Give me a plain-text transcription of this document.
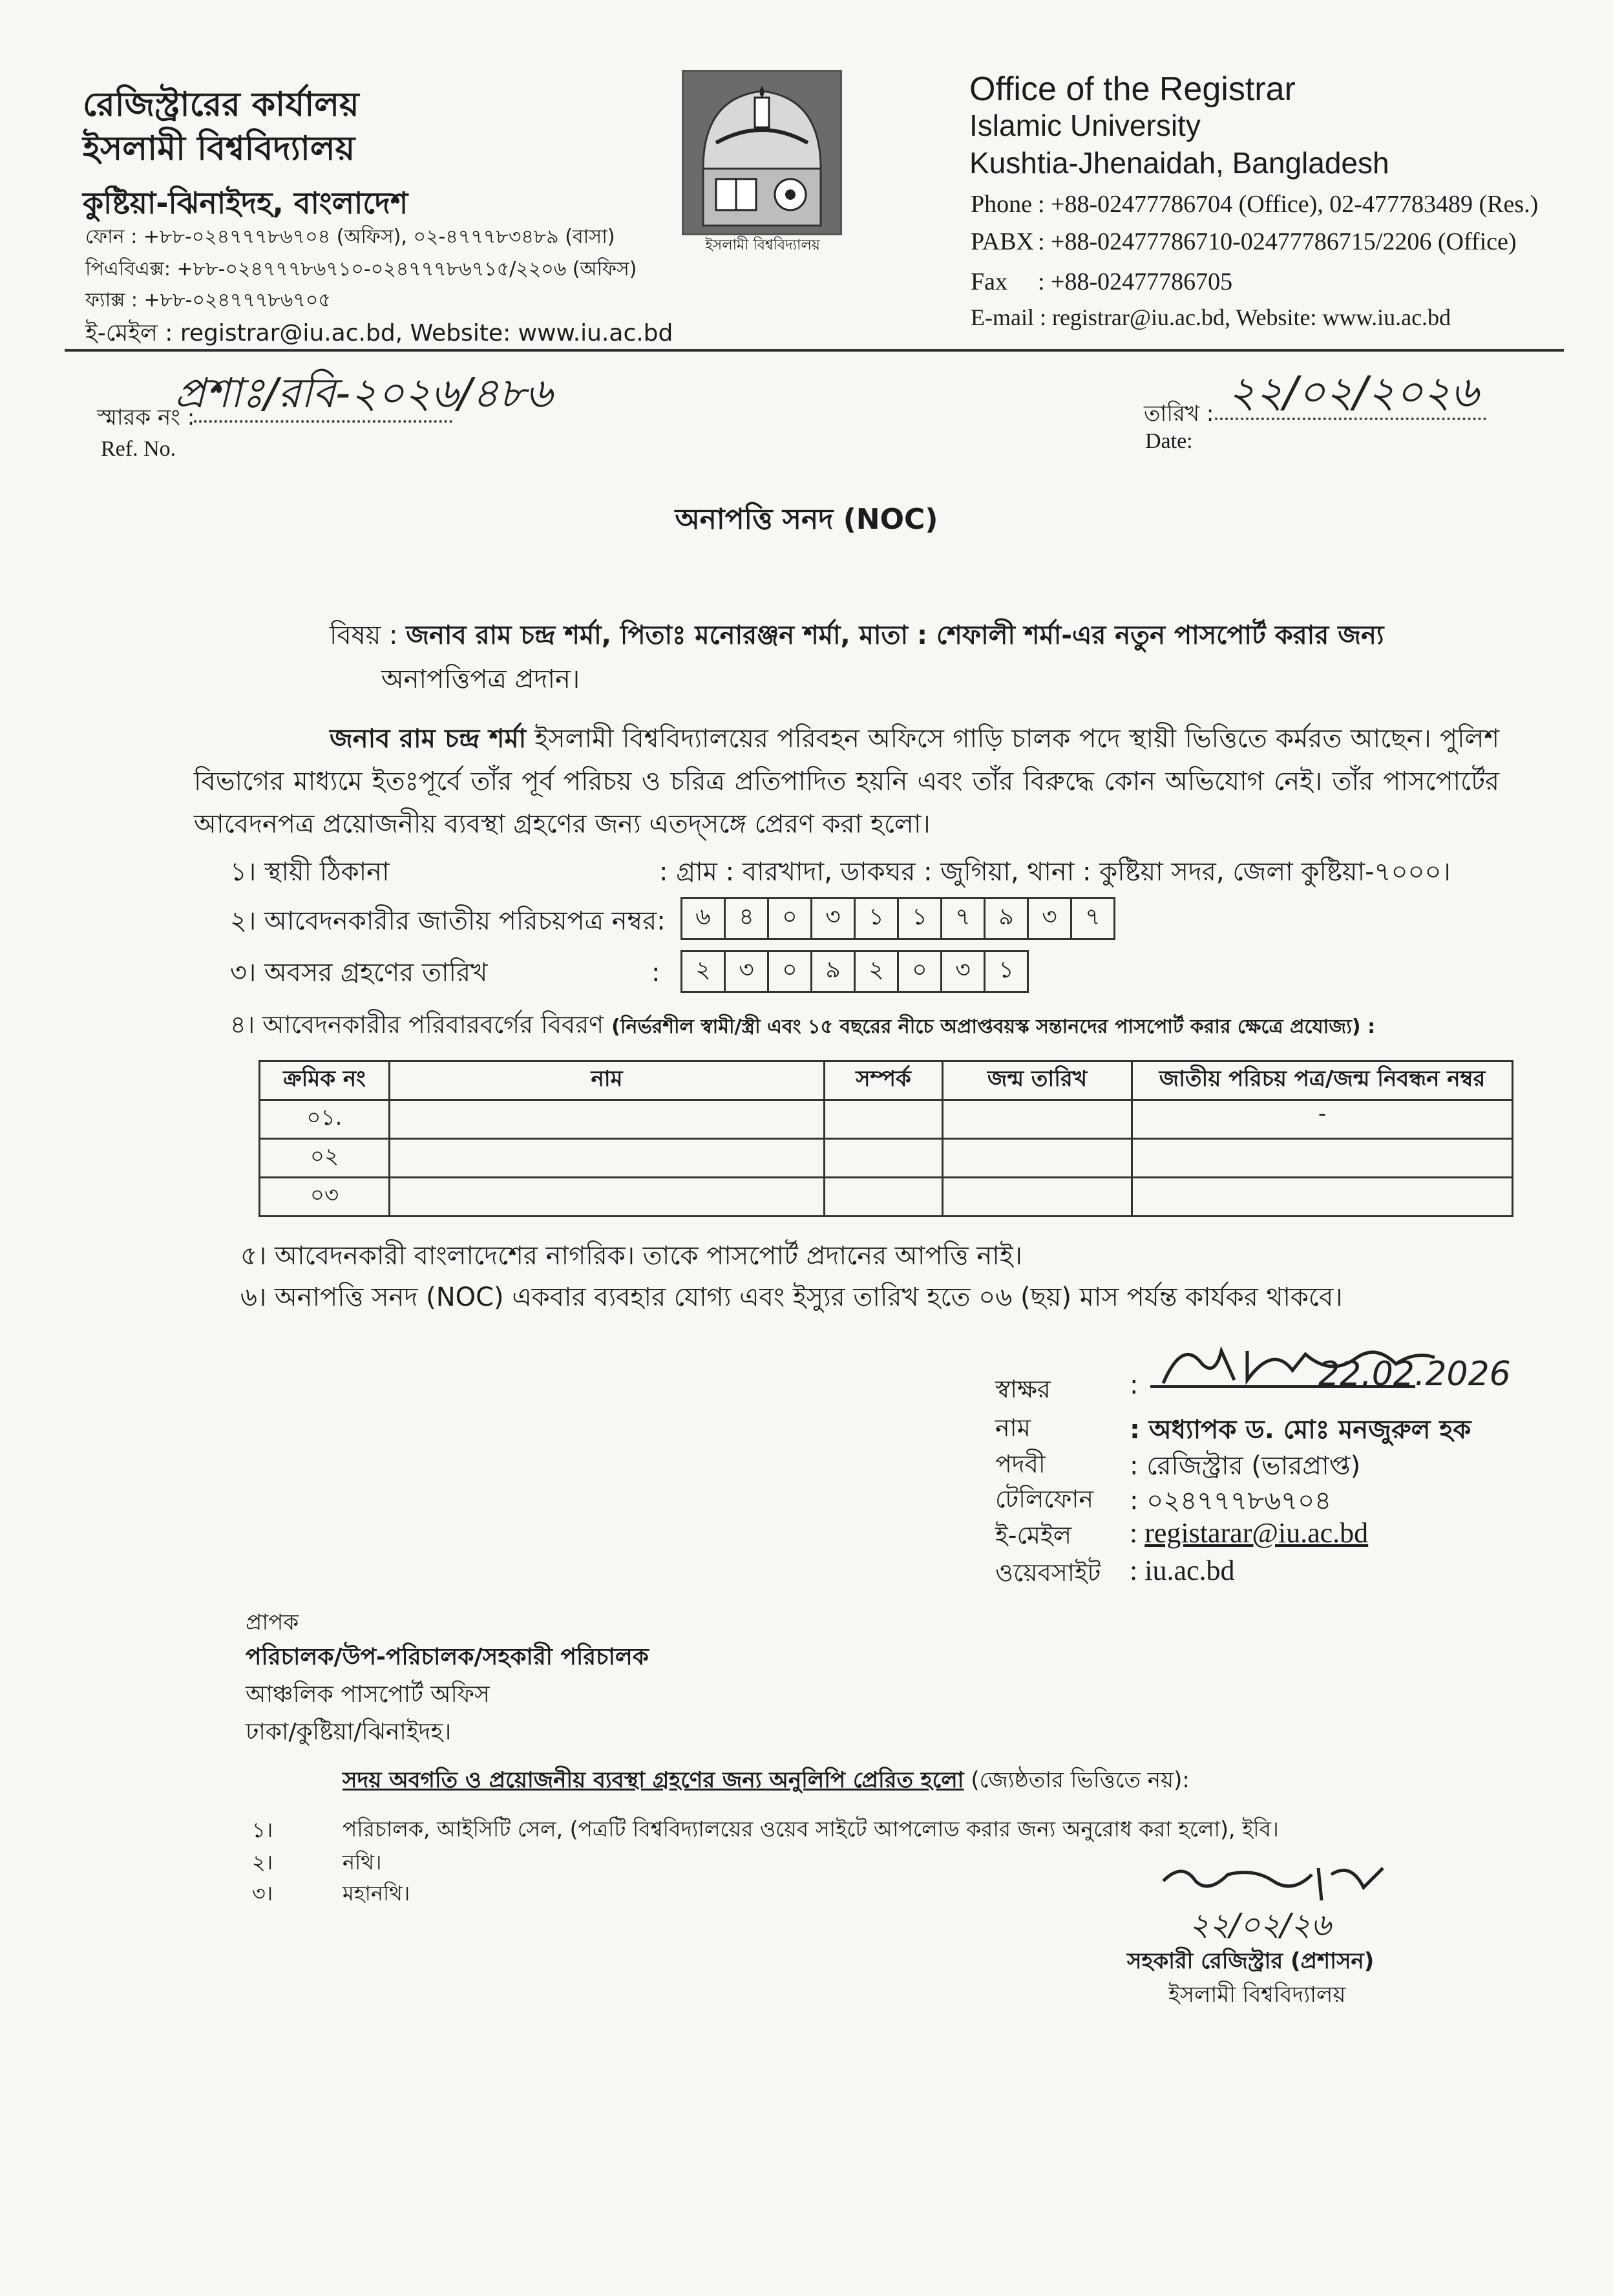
রেজিস্ট্রারের কার্যালয়
ইসলামী বিশ্ববিদ্যালয়
কুষ্টিয়া-ঝিনাইদহ, বাংলাদেশ
ফোন : +৮৮-০২৪৭৭৭৮৬৭০৪ (অফিস), ০২-৪৭৭৭৮৩৪৮৯ (বাসা)
পিএবিএক্স: +৮৮-০২৪৭৭৭৮৬৭১০-০২৪৭৭৭৮৬৭১৫/২২০৬ (অফিস)
ফ্যাক্স : +৮৮-০২৪৭৭৭৮৬৭০৫
ই-মেইল : registrar@iu.ac.bd, Website: www.iu.ac.bd
ইসলামী বিশ্ববিদ্যালয়
Office of the Registrar
Islamic University
Kushtia-Jhenaidah, Bangladesh
Phone : +88-02477786704 (Office), 02-477783489 (Res.)
PABX : +88-02477786710-02477786715/2206 (Office)
Fax : +88-02477786705
E-mail : registrar@iu.ac.bd, Website: www.iu.ac.bd
স্মারক নং :
প্রশাঃ/রবি-২০২৬/৪৮৬
Ref. No.
তারিখ : ২২/০২/২০২৬
Date:
অনাপত্তি সনদ (NOC)
বিষয় : জনাব রাম চন্দ্র শর্মা, পিতাঃ মনোরঞ্জন শর্মা, মাতা : শেফালী শর্মা-এর নতুন পাসপোর্ট করার জন্য
অনাপত্তিপত্র প্রদান।
জনাব রাম চন্দ্র শর্মা ইসলামী বিশ্ববিদ্যালয়ের পরিবহন অফিসে গাড়ি চালক পদে স্থায়ী ভিত্তিতে কর্মরত আছেন। পুলিশ বিভাগের মাধ্যমে ইতঃপূর্বে তাঁর পূর্ব পরিচয় ও চরিত্র প্রতিপাদিত হয়নি এবং তাঁর বিরুদ্ধে কোন অভিযোগ নেই। তাঁর পাসপোর্টের আবেদনপত্র প্রয়োজনীয় ব্যবস্থা গ্রহণের জন্য এতদ্সঙ্গে প্রেরণ করা হলো।
১। স্থায়ী ঠিকানা	: গ্রাম : বারখাদা, ডাকঘর : জুগিয়া, থানা : কুষ্টিয়া সদর, জেলা কুষ্টিয়া-৭০০০।
২। আবেদনকারীর জাতীয় পরিচয়পত্র নম্বর:	৬	৪	০	৩	১	১	৭	৯	৩	৭
৩। অবসর গ্রহণের তারিখ	:	২	৩	০	৯	২	০	৩	১
৪। আবেদনকারীর পরিবারবর্গের বিবরণ (নির্ভরশীল স্বামী/স্ত্রী এবং ১৫ বছরের নীচে অপ্রাপ্তবয়স্ক সন্তানদের পাসপোর্ট করার ক্ষেত্রে প্রযোজ্য) :
ক্রমিক নং	নাম	সম্পর্ক	জন্ম তারিখ	জাতীয় পরিচয় পত্র/জন্ম নিবন্ধন নম্বর
০১.				-
০২				
০৩				
৫। আবেদনকারী বাংলাদেশের নাগরিক। তাকে পাসপোর্ট প্রদানের আপত্তি নাই।
৬। অনাপত্তি সনদ (NOC) একবার ব্যবহার যোগ্য এবং ইস্যুর তারিখ হতে ০৬ (ছয়) মাস পর্যন্ত কার্যকর থাকবে।
স্বাক্ষর	:	22.02.2026
নাম	: অধ্যাপক ড. মোঃ মনজুরুল হক
পদবী	: রেজিস্ট্রার (ভারপ্রাপ্ত)
টেলিফোন : ০২৪৭৭৭৮৬৭০৪
ই-মেইল : registarar@iu.ac.bd
ওয়েবসাইট : iu.ac.bd
প্রাপক
পরিচালক/উপ-পরিচালক/সহকারী পরিচালক
আঞ্চলিক পাসপোর্ট অফিস
ঢাকা/কুষ্টিয়া/ঝিনাইদহ।
সদয় অবগতি ও প্রয়োজনীয় ব্যবস্থা গ্রহণের জন্য অনুলিপি প্রেরিত হলো (জ্যেষ্ঠতার ভিত্তিতে নয়):
১।	পরিচালক, আইসিটি সেল, (পত্রটি বিশ্ববিদ্যালয়ের ওয়েব সাইটে আপলোড করার জন্য অনুরোধ করা হলো), ইবি।
২।	নথি।
৩।	মহানথি।
২২/০২/২৬
সহকারী রেজিস্ট্রার (প্রশাসন)
ইসলামী বিশ্ববিদ্যালয়
